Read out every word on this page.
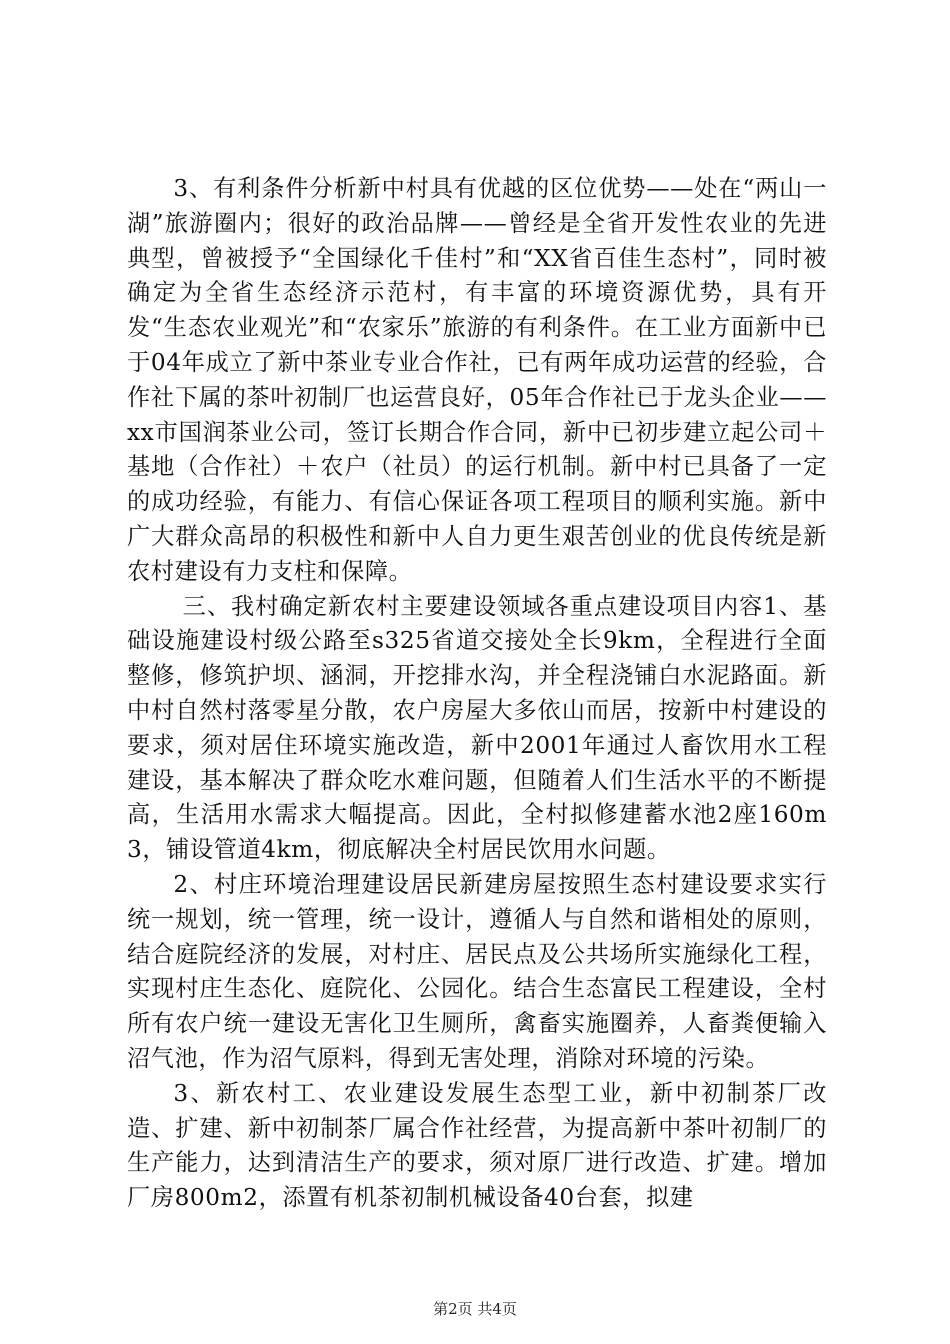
3、有利条件分析新中村具有优越的区位优势——处在“两山一湖”旅游圈内；很好的政治品牌——曾经是全省开发性农业的先进典型，曾被授予“全国绿化千佳村”和“XX省百佳生态村”，同时被确定为全省生态经济示范村，有丰富的环境资源优势，具有开发“生态农业观光”和“农家乐”旅游的有利条件。在工业方面新中已于04年成立了新中茶业专业合作社，已有两年成功运营的经验，合作社下属的茶叶初制厂也运营良好，05年合作社已于龙头企业——xx市国润茶业公司，签订长期合作合同，新中已初步建立起公司＋基地（合作社）＋农户（社员）的运行机制。新中村已具备了一定的成功经验，有能力、有信心保证各项工程项目的顺利实施。新中广大群众高昂的积极性和新中人自力更生艰苦创业的优良传统是新农村建设有力支柱和保障。

三、我村确定新农村主要建设领域各重点建设项目内容1、基础设施建设村级公路至s325省道交接处全长9km，全程进行全面整修，修筑护坝、涵洞，开挖排水沟，并全程浇铺白水泥路面。新中村自然村落零星分散，农户房屋大多依山而居，按新中村建设的要求，须对居住环境实施改造，新中2001年通过人畜饮用水工程建设，基本解决了群众吃水难问题，但随着人们生活水平的不断提高，生活用水需求大幅提高。因此，全村拟修建蓄水池2座160m3，铺设管道4km，彻底解决全村居民饮用水问题。

2、村庄环境治理建设居民新建房屋按照生态村建设要求实行统一规划，统一管理，统一设计，遵循人与自然和谐相处的原则，结合庭院经济的发展，对村庄、居民点及公共场所实施绿化工程，实现村庄生态化、庭院化、公园化。结合生态富民工程建设，全村所有农户统一建设无害化卫生厕所，禽畜实施圈养，人畜粪便输入沼气池，作为沼气原料，得到无害处理，消除对环境的污染。

3、新农村工、农业建设发展生态型工业，新中初制茶厂改造、扩建、新中初制茶厂属合作社经营，为提高新中茶叶初制厂的生产能力，达到清洁生产的要求，须对原厂进行改造、扩建。增加厂房800m2，添置有机茶初制机械设备40台套，拟建

第2页 共4页
